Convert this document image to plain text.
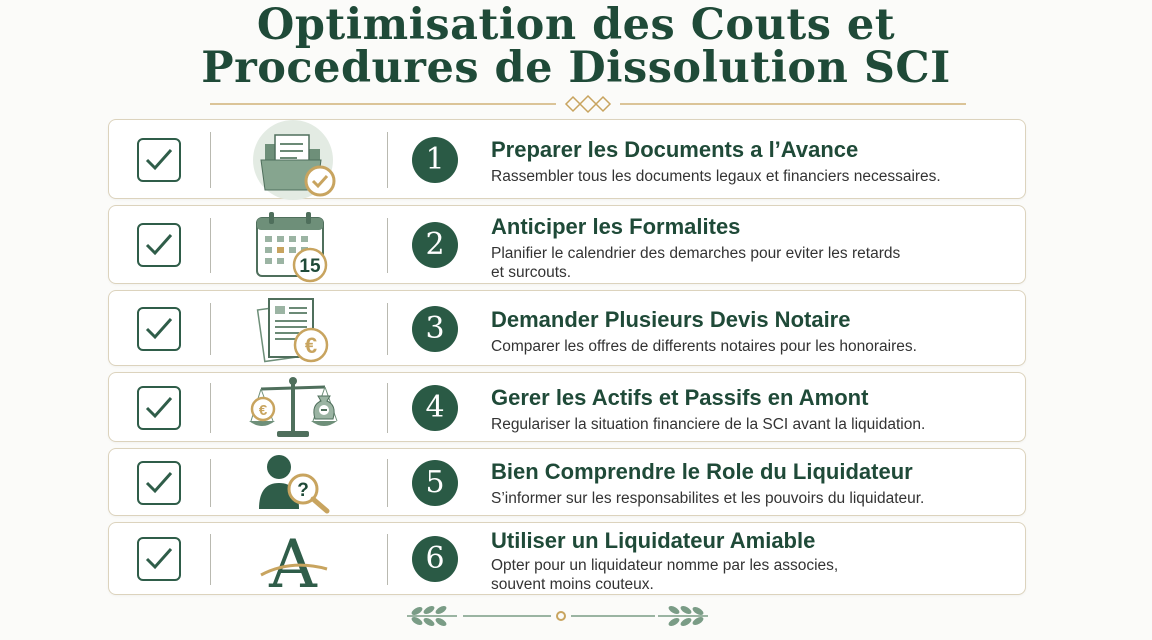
Optimisation des Couts et
Procedures de Dissolution SCI
1	Preparer les Documents a l’Avance
Rassembler tous les documents legaux et financiers necessaires.
15
2
Anticiper les Formalites
Planifier le calendrier des demarches pour eviter les retards et surcouts.
€	3	Demander Plusieurs Devis Notaire
Comparer les offres de differents notaires pour les honoraires.
€	4	Gerer les Actifs et Passifs en Amont
Regulariser la situation financiere de la SCI avant la liquidation.
?	5	Bien Comprendre le Role du Liquidateur
S’informer sur les responsabilites et les pouvoirs du liquidateur.
A	6
Utiliser un Liquidateur Amiable
Opter pour un liquidateur nomme par les associes, souvent moins couteux.
